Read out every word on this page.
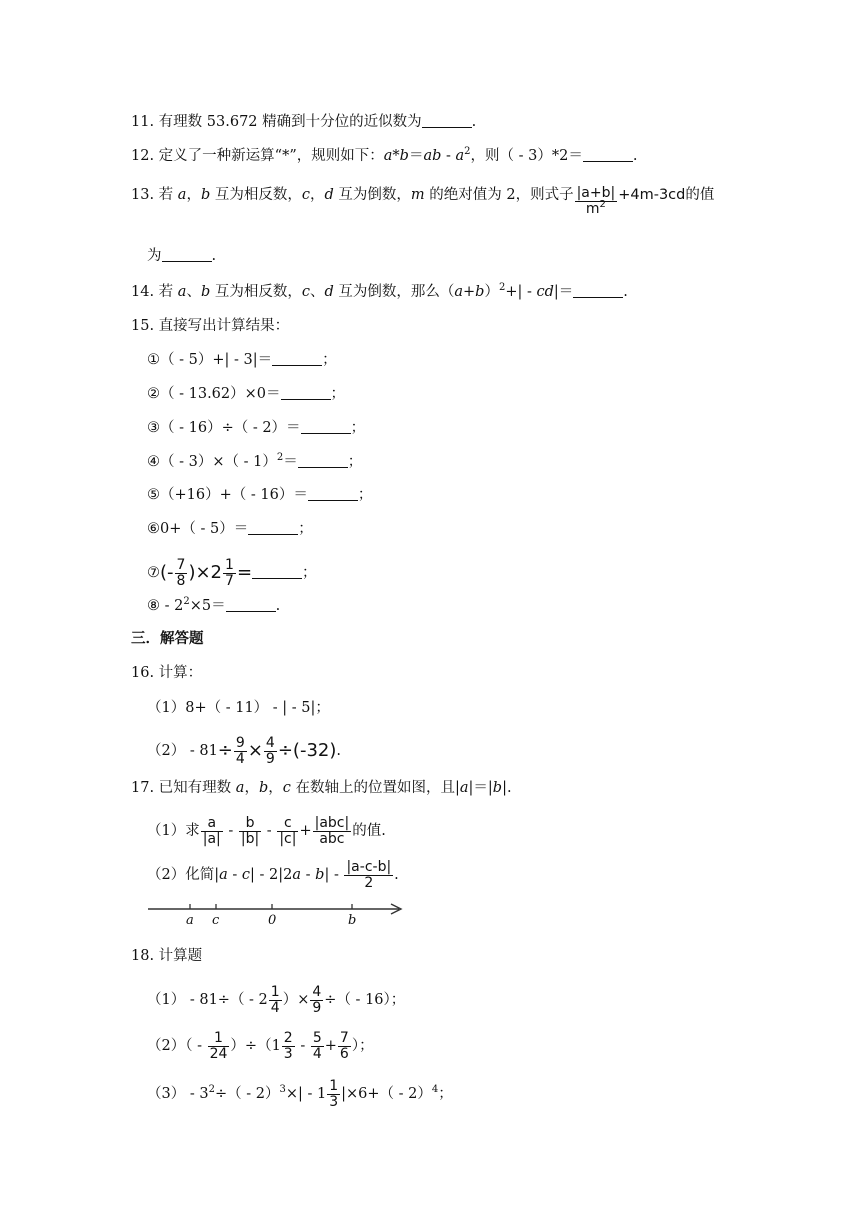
11. 有理数 53.672 精确到十分位的近似数为	.
12. 定义了一种新运算“*”，规则如下：$a*b=ab - a^2$，则（ - 3）*2＝	.
13. 若 a，b 互为相反数，c，d 互为倒数，m 的绝对值为 2，则式子 $\frac{|a+b|}{m^2} +4m-3cd$的值
为	.
14. 若 a、b 互为相反数，c、d 互为倒数，那么$(a+b)^2+| - cd|=$	.
15. 直接写出计算结果：
①（ - 5）+| - 3|＝	；
②（ - 13.62）×0＝	；
③（ - 16）÷（ - 2）＝	；
④（ - 3）×（ - 1）$^2$＝	；
⑤（+16）+（ - 16）＝	；
⑥0+（ - 5）＝	；
⑦(- $\frac{7}{8} )\times 2 \frac{1}{7}$ =	；
⑧ - $2^2\times 5=$	.
三．解答题
16. 计算：
（1）8+（ - 11） - | - 5|；
$(2) - 81\div \frac{9}{4} \times \frac{4}{9} \div(-32)$.
17. 已知有理数 a，b，c 在数轴上的位置如图，且|a|＝|b|.
（1）求 $\frac{a}{|a|} - \frac{b}{|b|} - \frac{c}{|c|} + \frac{\text{|abc|}}{\text{abc}}$ 的值.
（2）化简$|a - c| - 2|2a - b| - \frac{|a-c-b|}{2}$ .
a c	0	b
18. 计算题
$(1) - 81\div( - 2 \frac{1}{4}$ ）× $\frac{4}{9}$ ÷（ - 16）；
$(2)( - \frac{1}{24} )\div(1 \frac{2}{3} - \frac{5}{4} + \frac{7}{6}$ ）；
$(3) - 3^2\div( - 2)^3\times| - 1 \frac{1}{3} |\times 6+( - 2)^4$；
